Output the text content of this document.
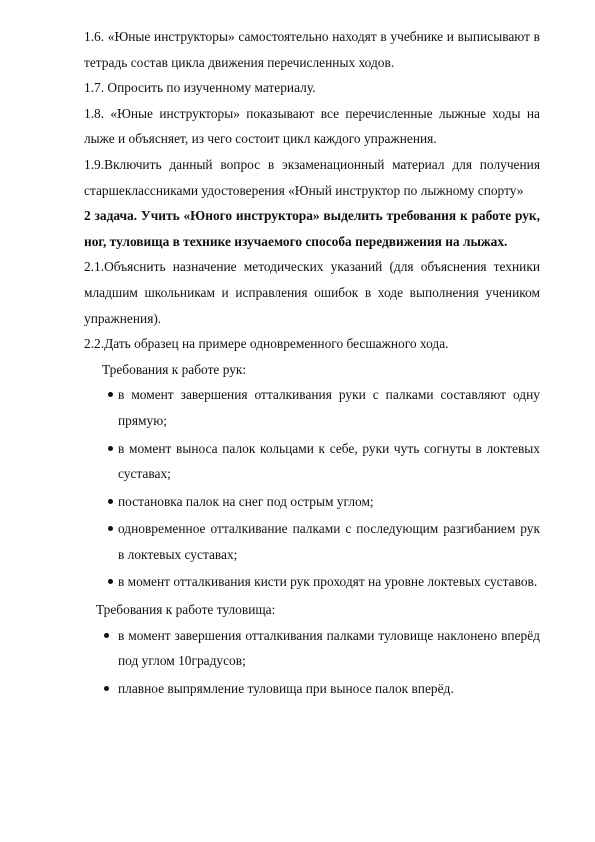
1.6. «Юные инструкторы» самостоятельно находят в учебнике и выписывают в тетрадь состав цикла движения перечисленных ходов.

1.7. Опросить по изученному материалу.

1.8. «Юные инструкторы» показывают все перечисленные лыжные ходы на лыже и объясняет, из чего состоит цикл каждого упражнения.

1.9.Включить данный вопрос в экзаменационный материал для получения старшеклассниками удостоверения «Юный инструктор по лыжному спорту»

2 задача. Учить «Юного инструктора» выделить требования к работе рук, ног, туловища в технике изучаемого способа передвижения на лыжах.

2.1.Объяснить назначение методических указаний (для объяснения техники младшим школьникам и исправления ошибок в ходе выполнения учеником упражнения).

2.2.Дать образец на примере одновременного бесшажного хода.

Требования к работе рук:

в момент завершения отталкивания руки с палками составляют одну прямую;
в момент выноса палок кольцами к себе, руки чуть согнуты в локтевых суставах;
постановка палок на снег под острым углом;
одновременное отталкивание палками с последующим разгибанием рук в локтевых суставах;
в момент отталкивания кисти рук проходят на уровне локтевых суставов.

Требования к работе туловища:

в момент завершения отталкивания палками туловище наклонено вперёд под углом 10градусов;
плавное выпрямление туловища при выносе палок вперёд.
